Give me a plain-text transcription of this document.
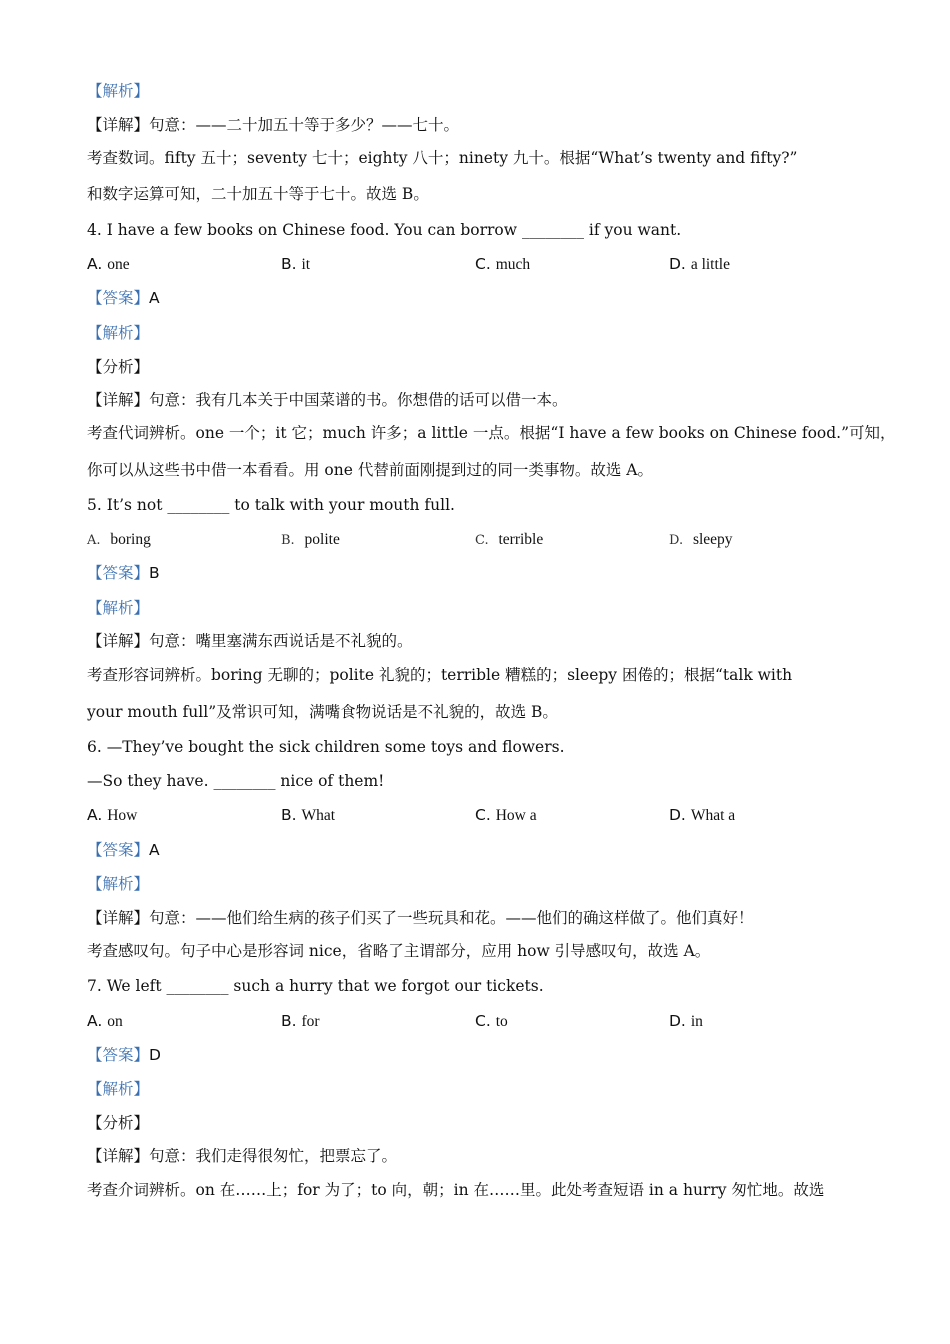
【解析】
【详解】句意：——二十加五十等于多少？——七十。
考查数词。fifty 五十；seventy 七十；eighty 八十；ninety 九十。根据“What’s twenty and fifty?”
和数字运算可知，二十加五十等于七十。故选 B。
4. I have a few books on Chinese food. You can borrow ________ if you want.
A. one	B. it	C. much	D. a little
【答案】A
【解析】
【分析】
【详解】句意：我有几本关于中国菜谱的书。你想借的话可以借一本。
考查代词辨析。one 一个；it 它；much 许多；a little 一点。根据“I have a few books on Chinese food.”可知，
你可以从这些书中借一本看看。用 one 代替前面刚提到过的同一类事物。故选 A。
5. It’s not ________ to talk with your mouth full.
A. boring	B. polite	C. terrible	D. sleepy
【答案】B
【解析】
【详解】句意：嘴里塞满东西说话是不礼貌的。
考查形容词辨析。boring 无聊的；polite 礼貌的；terrible 糟糕的；sleepy 困倦的；根据“talk with
your mouth full”及常识可知，满嘴食物说话是不礼貌的，故选 B。
6. —They’ve bought the sick children some toys and flowers.
—So they have. ________ nice of them!
A. How	B. What	C. How a	D. What a
【答案】A
【解析】
【详解】句意：——他们给生病的孩子们买了一些玩具和花。——他们的确这样做了。他们真好！
考查感叹句。句子中心是形容词 nice，省略了主谓部分，应用 how 引导感叹句，故选 A。
7. We left ________ such a hurry that we forgot our tickets.
A. on	B. for	C. to	D. in
【答案】D
【解析】
【分析】
【详解】句意：我们走得很匆忙，把票忘了。
考查介词辨析。on 在……上；for 为了；to 向，朝；in 在……里。此处考查短语 in a hurry 匆忙地。故选
